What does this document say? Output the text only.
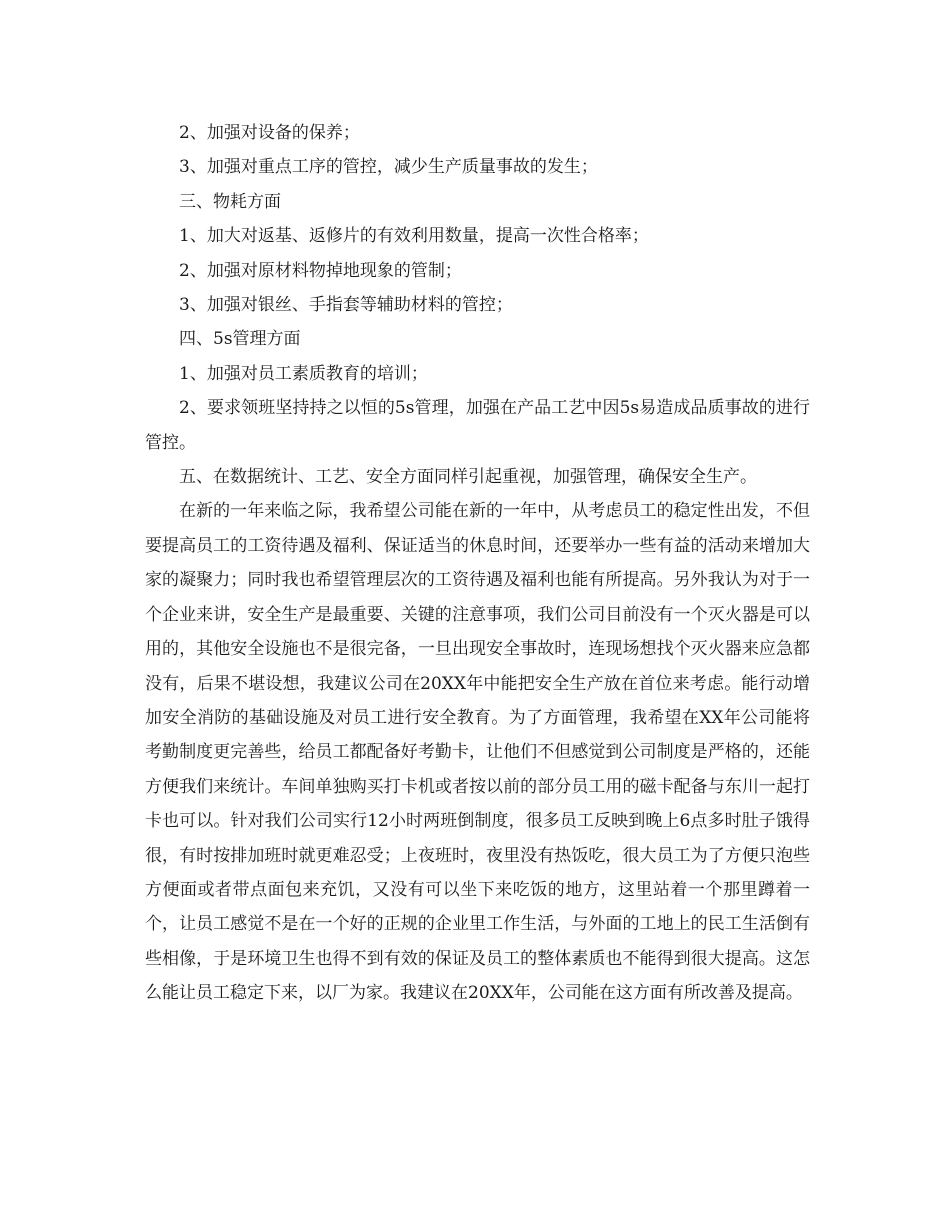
2、加强对设备的保养；

3、加强对重点工序的管控，减少生产质量事故的发生；

三、物耗方面

1、加大对返基、返修片的有效利用数量，提高一次性合格率；

2、加强对原材料物掉地现象的管制；

3、加强对银丝、手指套等辅助材料的管控；

四、5s管理方面

1、加强对员工素质教育的培训；

2、要求领班坚持持之以恒的5s管理，加强在产品工艺中因5s易造成品质事故的进行管控。

五、在数据统计、工艺、安全方面同样引起重视，加强管理，确保安全生产。

在新的一年来临之际，我希望公司能在新的一年中，从考虑员工的稳定性出发，不但要提高员工的工资待遇及福利、保证适当的休息时间，还要举办一些有益的活动来增加大家的凝聚力；同时我也希望管理层次的工资待遇及福利也能有所提高。另外我认为对于一个企业来讲，安全生产是最重要、关键的注意事项，我们公司目前没有一个灭火器是可以用的，其他安全设施也不是很完备，一旦出现安全事故时，连现场想找个灭火器来应急都没有，后果不堪设想，我建议公司在20XX年中能把安全生产放在首位来考虑。能行动增加安全消防的基础设施及对员工进行安全教育。为了方面管理，我希望在XX年公司能将考勤制度更完善些，给员工都配备好考勤卡，让他们不但感觉到公司制度是严格的，还能方便我们来统计。车间单独购买打卡机或者按以前的部分员工用的磁卡配备与东川一起打卡也可以。针对我们公司实行12小时两班倒制度，很多员工反映到晚上6点多时肚子饿得很，有时按排加班时就更难忍受；上夜班时，夜里没有热饭吃，很大员工为了方便只泡些方便面或者带点面包来充饥，又没有可以坐下来吃饭的地方，这里站着一个那里蹲着一个，让员工感觉不是在一个好的正规的企业里工作生活，与外面的工地上的民工生活倒有些相像，于是环境卫生也得不到有效的保证及员工的整体素质也不能得到很大提高。这怎么能让员工稳定下来，以厂为家。我建议在20XX年，公司能在这方面有所改善及提高。
